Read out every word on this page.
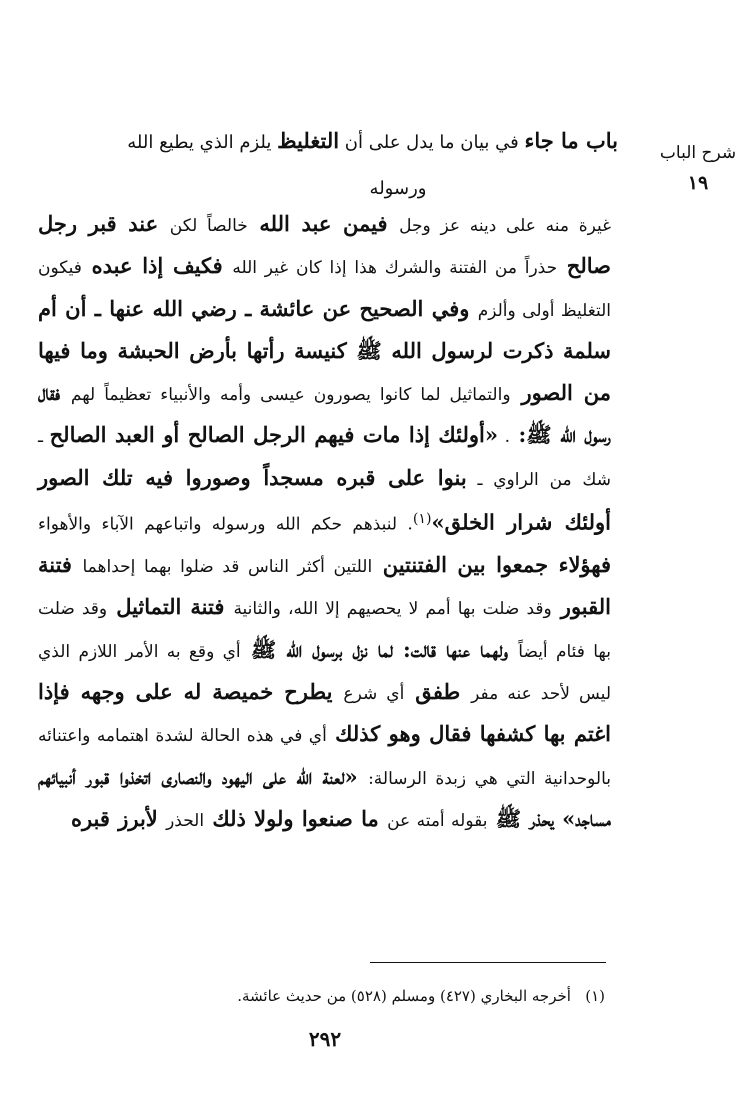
شرح الباب
١٩
باب ما جاء في بيان ما يدل على أن التغليظ يلزم الذي يطيع الله
ورسوله
غيرة منه على دينه عز وجل فيمن عبد الله خالصاً لكن عند قبر رجل صالح حذراً من الفتنة والشرك هذا إذا كان غير الله فكيف إذا عبده فيكون التغليظ أولى وألزم وفي الصحيح عن عائشة ـ رضي الله عنها ـ أن أم سلمة ذكرت لرسول الله ﷺ كنيسة رأتها بأرض الحبشة وما فيها من الصور والتماثيل لما كانوا يصورون عيسى وأمه والأنبياء تعظيماً لهم فقال رسول الله ﷺ: . «أولئك إذا مات فيهم الرجل الصالح أو العبد الصالح ـ شك من الراوي ـ بنوا على قبره مسجداً وصوروا فيه تلك الصور أولئك شرار الخلق»$^{(١)}$. لنبذهم حكم الله ورسوله واتباعهم الآباء والأهواء فهؤلاء جمعوا بين الفتنتين اللتين أكثر الناس قد ضلوا بهما إحداهما فتنة القبور وقد ضلت بها أمم لا يحصيهم إلا الله، والثانية فتنة التماثيل وقد ضلت بها فئام أيضاً ولهما عنها قالت: لما نزل برسول الله ﷺ أي وقع به الأمر اللازم الذي ليس لأحد عنه مفر طفق أي شرع يطرح خميصة له على وجهه فإذا اغتم بها كشفها فقال وهو كذلك أي في هذه الحالة لشدة اهتمامه واعتنائه بالوحدانية التي هي زبدة الرسالة: «لعنة الله على اليهود والنصارى اتخذوا قبور أنبيائهم مساجد» يحذر ﷺ بقوله أمته عن ما صنعوا ولولا ذلك الحذر لأبرز قبره
(١)   أخرجه البخاري (٤٢٧) ومسلم (٥٢٨) من حديث عائشة.
٢٩٢
